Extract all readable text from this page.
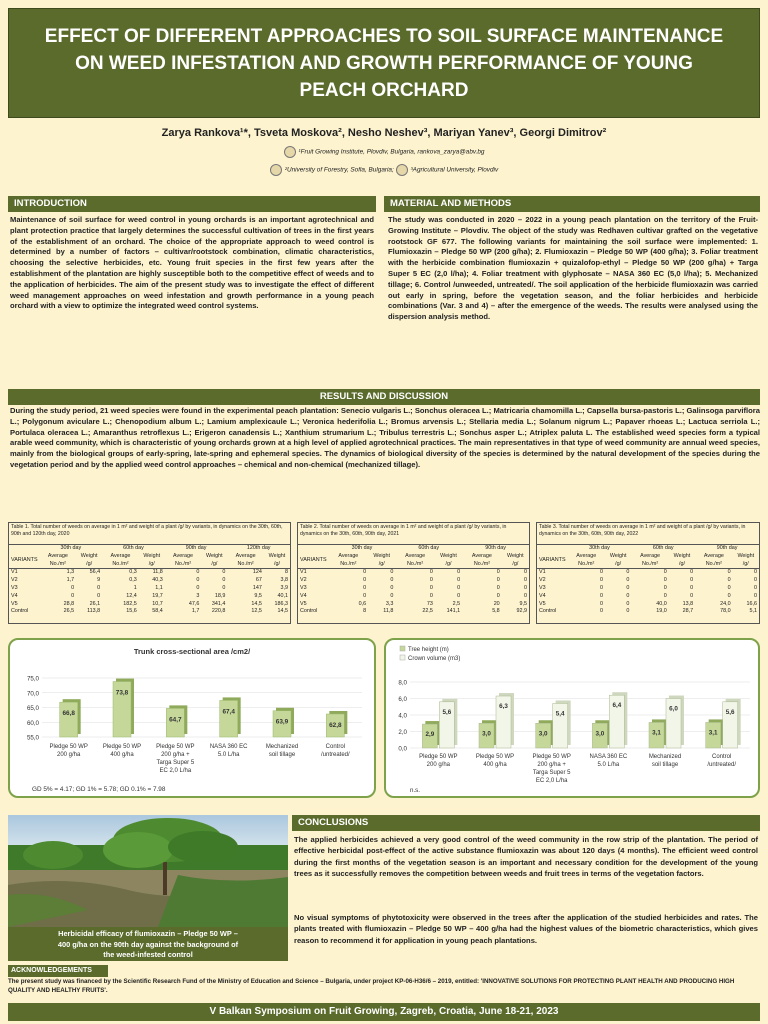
EFFECT OF DIFFERENT APPROACHES TO SOIL SURFACE MAINTENANCE
ON WEED INFESTATION AND GROWTH PERFORMANCE OF YOUNG
PEACH ORCHARD
Zarya Rankova¹*, Tsveta Moskova², Nesho Neshev³, Mariyan Yanev³, Georgi Dimitrov²
¹Fruit Growing Institute, Plovdiv, Bulgaria, rankova_zarya@abv.bg
²University of Forestry, Sofia, Bulgaria;	³Agricultural University, Plovdiv
INTRODUCTION
Maintenance of soil surface for weed control in young orchards is an important agrotechnical and plant protection practice that largely determines the successful cultivation of trees in the first years of the establishment of an orchard. The choice of the appropriate approach to weed control is determined by a number of factors – cultivar/rootstock combination, climatic characteristics, choosing the selective herbicides, etc. Young fruit species in the first few years after the establishment of the plantation are highly susceptible both to the competitive effect of weeds and to the application of herbicides. The aim of the present study was to investigate the effect of different weed management approaches on weed infestation and growth performance in a young peach orchard with a view to optimize the integrated weed control systems.
MATERIAL AND METHODS
The study was conducted in 2020 – 2022 in a young peach plantation on the territory of the Fruit-Growing Institute – Plovdiv. The object of the study was Redhaven cultivar grafted on the vegetative rootstock GF 677. The following variants for maintaining the soil surface were implemented: 1. Flumioxazin – Pledge 50 WP (200 g/ha); 2. Flumioxazin – Pledge 50 WP (400 g/ha); 3. Foliar treatment with the herbicide combination flumioxazin + quizalofop-ethyl – Pledge 50 WP (200 g/ha) + Targa Super 5 EC (2,0 l/ha); 4. Foliar treatment with glyphosate – NASA 360 EC (5,0 l/ha); 5. Mechanized tillage; 6. Control /unweeded, untreated/. The soil application of the herbicide flumioxazin was carried out early in spring, before the vegetation season, and the foliar herbicides and herbicide combinations (Var. 3 and 4) – after the emergence of the weeds. The results were analysed using the dispersion analysis method.
RESULTS AND DISCUSSION
During the study period, 21 weed species were found in the experimental peach plantation: Senecio vulgaris L.; Sonchus oleracea L.; Matricaria chamomilla L.; Capsella bursa-pastoris L.; Galinsoga parviflora L.; Polygonum aviculare L.; Chenopodium album L.; Lamium amplexicaule L.; Veronica hederifolia L.; Bromus arvensis L.; Stellaria media L.; Solanum nigrum L.; Papaver rhoeas L.; Lactuca serriola L.; Portulaca oleracea L.; Amaranthus retroflexus L.; Erigeron canadensis L.; Xanthium strumarium L.; Tribulus terrestris L.; Sonchus asper L.; Atriplex paluta L. The established weed species form a typical arable weed community, which is characteristic of young orchards grown at a high level of applied agrotechnical practices. The main representatives in that type of weed community are annual weed species, mainly from the biological groups of early-spring, late-spring and ephemeral species. The dynamics of biological diversity of the species is determined by the natural development of the species during the vegetation period and by the applied weed control approaches – chemical and non-chemical (mechanized tillage).
Table 1. Total number of weeds on average in 1 m² and weight of a plant /g/ by variants, in dynamics on the 30th, 60th, 90th and 120th day, 2020
	30th day		60th day		90th day		120th day	
VARIANTS	Average No./m²	Weight /g/	Average No./m²	Weight /g/	Average No./m²	Weight /g/	Average No./m²	Weight /g/
V1	1,3	56,4	0,3	11,8	0	0	124	8
V2	1,7	9	0,3	40,3	0	0	67	3,8
V3	0	0	1	1,1	0	0	147	3,9
V4	0	0	12,4	19,7	3	18,9	9,5	40,1
V5	28,8	26,1	182,5	10,7	47,6	341,4	14,5	186,3
Control	26,5	113,8	15,6	58,4	1,7	220,8	12,5	14,5
Table 2. Total number of weeds on average in 1 m² and weight of a plant /g/ by variants, in dynamics on the 30th, 60th, 90th day, 2021
	30th day		60th day		90th day	
VARIANTS	Average No./m²	Weight /g/	Average No./m²	Weight /g/	Average No./m²	Weight /g/
V1	0	0	0	0	0	0
V2	0	0	0	0	0	0
V3	0	0	0	0	0	0
V4	0	0	0	0	0	0
V5	0,6	3,3	73	2,5	20	9,5
Control	8	11,8	22,5	141,1	5,8	92,9
Table 3. Total number of weeds on average in 1 m² and weight of a plant /g/ by variants, in dynamics on the 30th, 60th, 90th day, 2022
	30th day		60th day		90th day	
VARIANTS	Average No./m²	Weight /g/	Average No./m²	Weight /g/	Average No./m²	Weight /g/
V1	0	0	0	0	0	0
V2	0	0	0	0	0	0
V3	0	0	0	0	0	0
V4	0	0	0	0	0	0
V5	0	0	40,0	13,8	24,0	16,6
Control	0	0	19,0	28,7	78,0	5,1
Trunk cross-sectional area /cm2/
55,0
60,0
65,0
70,0
75,0
66,8
Pledge 50 WP
200 g/ha
73,8
Pledge 50 WP
400 g/ha
64,7
Pledge 50 WP
200 g/ha +
Targa Super 5
EC 2,0 L/ha
67,4
NASA 360 EC
5.0 L/ha
63,9
Mechanized
soil tillage
62,8
Control
/untreated/
GD 5% = 4.17; GD 1% = 5.78; GD 0.1% = 7.98
Tree height (m)
Crown volume (m3)
0,0
2,0
4,0
6,0
8,0
2,9
5,6
Pledge 50 WP
200 g/ha
3,0
6,3
Pledge 50 WP
400 g/ha
3,0
5,4
Pledge 50 WP
200 g/ha +
Targa Super 5
EC 2,0 L/ha
3,0
6,4
NASA 360 EC
5.0 L/ha
3,1
6,0
Mechanized
soil tillage
3,1
5,6
Control
/untreated/
n.s.
Herbicidal efficacy of flumioxazin – Pledge 50 WP –
400 g/ha on the 90th day against the background of
the weed-infested control
CONCLUSIONS
The applied herbicides achieved a very good control of the weed community in the row strip of the plantation. The period of effective herbicidal post-effect of the active substance flumioxazin was about 120 days (4 months). The efficient weed control during the first months of the vegetation season is an important and necessary condition for the development of the young trees as it successfully removes the competition between weeds and fruit trees in terms of the vegetation factors.
No visual symptoms of phytotoxicity were observed in the trees after the application of the studied herbicides and rates. The plants treated with flumioxazin – Pledge 50 WP – 400 g/ha had the highest values of the biometric characteristics, which gives reason to recommend it for application in young peach plantations.
ACKNOWLEDGEMENTS
The present study was financed by the Scientific Research Fund of the Ministry of Education and Science – Bulgaria, under project KP-06-H36/6 – 2019, entitled: 'INNOVATIVE SOLUTIONS FOR PROTECTING PLANT HEALTH AND PRODUCING HIGH QUALITY AND HEALTHY FRUITS'.
V Balkan Symposium on Fruit Growing, Zagreb, Croatia, June 18-21, 2023
